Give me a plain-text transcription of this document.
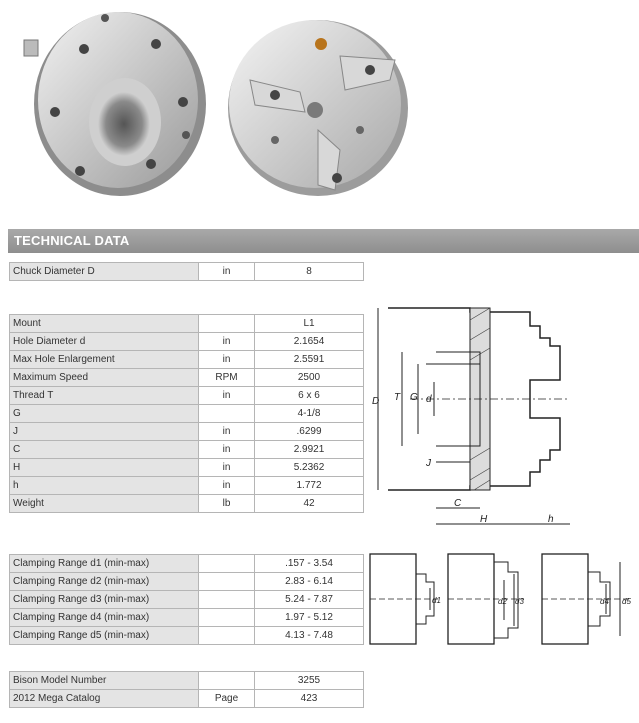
TECHNICAL DATA
Chuck Diameter D	in	8
Mount		L1
Hole Diameter d	in	2.1654
Max Hole Enlargement	in	2.5591
Maximum Speed	RPM	2500
Thread T	in	6 x 6
G		4-1/8
J	in	.6299
C	in	2.9921
H	in	5.2362
h	in	1.772
Weight	lb	42
Clamping Range d1 (min-max)		.157 - 3.54
Clamping Range d2 (min-max)		2.83 - 6.14
Clamping Range d3 (min-max)		5.24 - 7.87
Clamping Range d4 (min-max)		1.97 - 5.12
Clamping Range d5 (min-max)		4.13 - 7.48
Bison Model Number		3255
2012 Mega Catalog	Page	423
D T G d
J
C
H	h
d1	d2 d3	d4 d5
